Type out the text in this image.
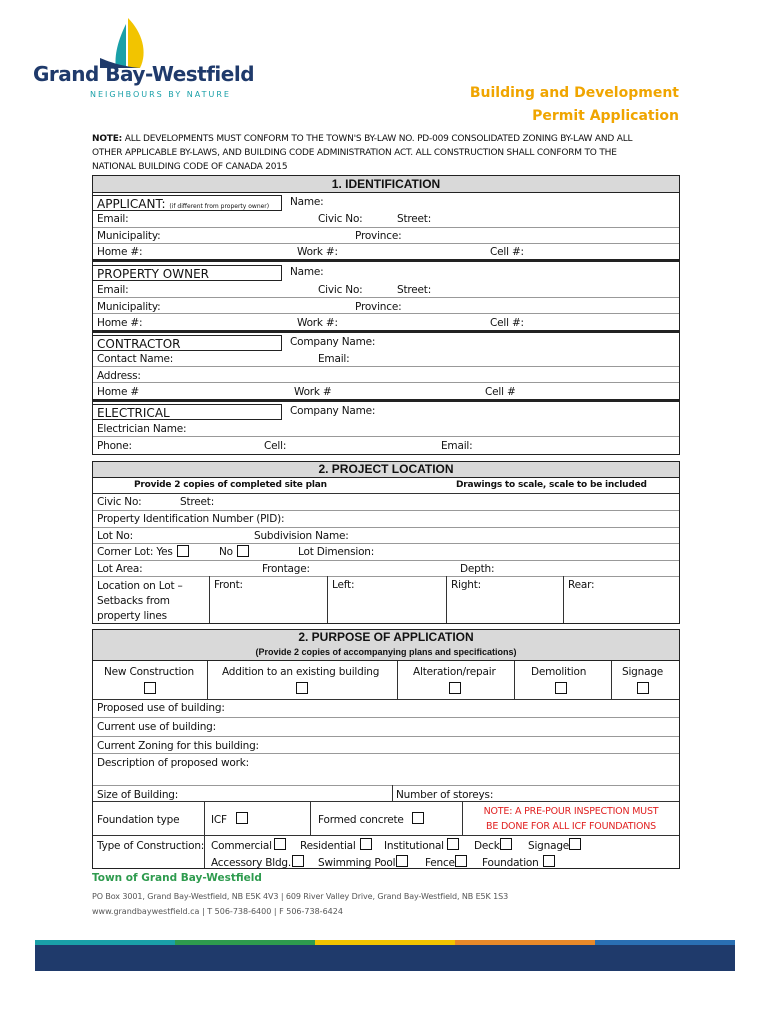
Grand Bay-Westfield
NEIGHBOURS BY NATURE	Building and Development
Permit Application
NOTE: ALL DEVELOPMENTS MUST CONFORM TO THE TOWN'S BY-LAW NO. PD-009 CONSOLIDATED ZONING BY-LAW AND ALL
OTHER APPLICABLE BY-LAWS, AND BUILDING CODE ADMINISTRATION ACT. ALL CONSTRUCTION SHALL CONFORM TO THE
NATIONAL BUILDING CODE OF CANADA 2015
1. IDENTIFICATION
APPLICANT: (if different from property owner)	Name:
Email:	Civic No:	Street:
Municipality:	Province:
Home #:	Work #:	Cell #:
PROPERTY OWNER	Name:
Email:	Civic No:	Street:
Municipality:	Province:
Home #:	Work #:	Cell #:
CONTRACTOR	Company Name:
Contact Name:	Email:
Address:
Home #	Work #	Cell #
ELECTRICAL	Company Name:
Electrician Name:
Phone:	Cell:	Email:
2. PROJECT LOCATION
Provide 2 copies of completed site plan	Drawings to scale, scale to be included
Civic No:	Street:
Property Identification Number (PID):
Lot No:	Subdivision Name:
Corner Lot: Yes	No	Lot Dimension:
Lot Area:	Frontage:	Depth:
Location on Lot –
Setbacks from
property lines
Front:	Left:	Right:	Rear:
2. PURPOSE OF APPLICATION
(Provide 2 copies of accompanying plans and specifications)
New Construction	Addition to an existing building	Alteration/repair	Demolition	Signage
Proposed use of building:
Current use of building:
Current Zoning for this building:
Description of proposed work:
Size of Building:	Number of storeys:
Foundation type	ICF	Formed concrete
NOTE: A PRE-POUR INSPECTION MUST
BE DONE FOR ALL ICF FOUNDATIONS
Type of Construction: Commercial	Residential	Institutional	Deck	Signage
Accessory Bldg.	Swimming Pool	Fence	Foundation
Town of Grand Bay-Westfield
PO Box 3001, Grand Bay-Westfield, NB E5K 4V3 | 609 River Valley Drive, Grand Bay-Westfield, NB E5K 1S3
www.grandbaywestfield.ca | T 506-738-6400 | F 506-738-6424
